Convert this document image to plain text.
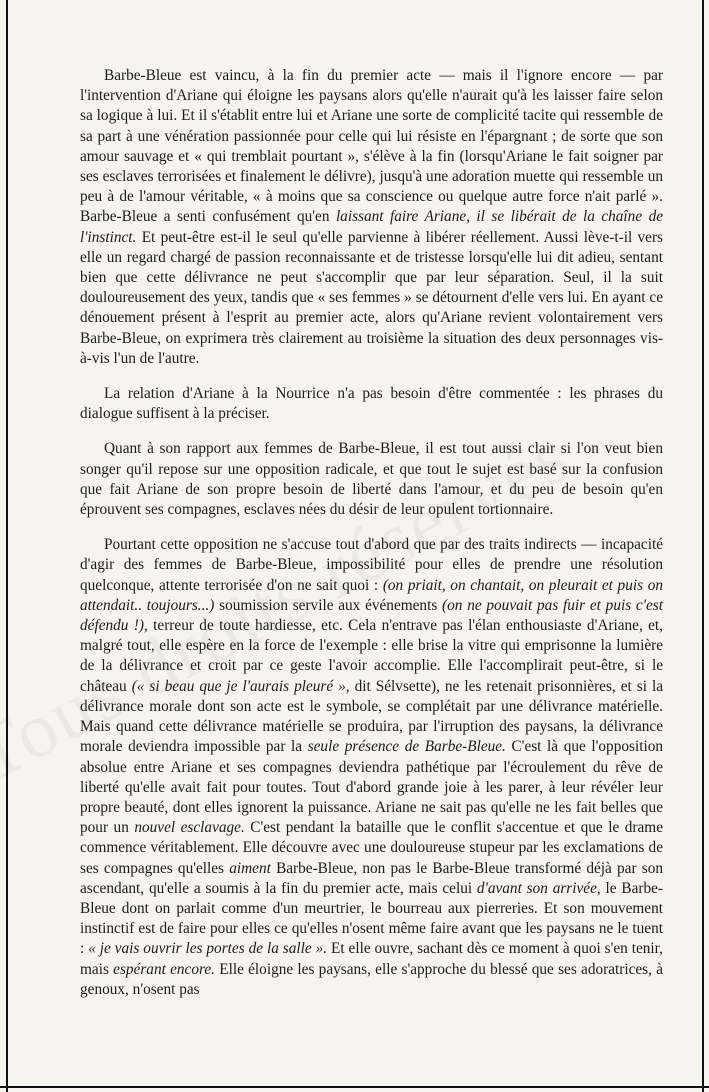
Barbe-Bleue est vaincu, à la fin du premier acte — mais il l'ignore encore — par l'intervention d'Ariane qui éloigne les paysans alors qu'elle n'aurait qu'à les laisser faire selon sa logique à lui. Et il s'établit entre lui et Ariane une sorte de complicité tacite qui ressemble de sa part à une vénération passionnée pour celle qui lui résiste en l'épargnant ; de sorte que son amour sauvage et « qui tremblait pourtant », s'élève à la fin (lorsqu'Ariane le fait soigner par ses esclaves terrorisées et finalement le délivre), jusqu'à une adoration muette qui ressemble un peu à de l'amour véritable, « à moins que sa conscience ou quelque autre force n'ait parlé ». Barbe-Bleue a senti confusément qu'en laissant faire Ariane, il se libérait de la chaîne de l'instinct. Et peut-être est-il le seul qu'elle parvienne à libérer réellement. Aussi lève-t-il vers elle un regard chargé de passion reconnaissante et de tristesse lorsqu'elle lui dit adieu, sentant bien que cette délivrance ne peut s'accomplir que par leur séparation. Seul, il la suit douloureusement des yeux, tandis que « ses femmes » se détournent d'elle vers lui. En ayant ce dénouement présent à l'esprit au premier acte, alors qu'Ariane revient volontairement vers Barbe-Bleue, on exprimera très clairement au troisième la situation des deux personnages vis-à-vis l'un de l'autre.

La relation d'Ariane à la Nourrice n'a pas besoin d'être commentée : les phrases du dialogue suffisent à la préciser.

Quant à son rapport aux femmes de Barbe-Bleue, il est tout aussi clair si l'on veut bien songer qu'il repose sur une opposition radicale, et que tout le sujet est basé sur la confusion que fait Ariane de son propre besoin de liberté dans l'amour, et du peu de besoin qu'en éprouvent ses compagnes, esclaves nées du désir de leur opulent tortionnaire.

Pourtant cette opposition ne s'accuse tout d'abord que par des traits indirects — incapacité d'agir des femmes de Barbe-Bleue, impossibilité pour elles de prendre une résolution quelconque, attente terrorisée d'on ne sait quoi : (on priait, on chantait, on pleurait et puis on attendait.. toujours...) soumission servile aux événements (on ne pouvait pas fuir et puis c'est défendu !), terreur de toute hardiesse, etc. Cela n'entrave pas l'élan enthousiaste d'Ariane, et, malgré tout, elle espère en la force de l'exemple : elle brise la vitre qui emprisonne la lumière de la délivrance et croit par ce geste l'avoir accomplie. Elle l'accomplirait peut-être, si le château (« si beau que je l'aurais pleuré », dit Sélvsette), ne les retenait prisonnières, et si la délivrance morale dont son acte est le symbole, se complétait par une délivrance matérielle. Mais quand cette délivrance matérielle se produira, par l'irruption des paysans, la délivrance morale deviendra impossible par la seule présence de Barbe-Bleue. C'est là que l'opposition absolue entre Ariane et ses compagnes deviendra pathétique par l'écroulement du rêve de liberté qu'elle avait fait pour toutes. Tout d'abord grande joie à les parer, à leur révéler leur propre beauté, dont elles ignorent la puissance. Ariane ne sait pas qu'elle ne les fait belles que pour un nouvel esclavage. C'est pendant la bataille que le conflit s'accentue et que le drame commence véritablement. Elle découvre avec une douloureuse stupeur par les exclamations de ses compagnes qu'elles aiment Barbe-Bleue, non pas le Barbe-Bleue transformé déjà par son ascendant, qu'elle a soumis à la fin du premier acte, mais celui d'avant son arrivée, le Barbe-Bleue dont on parlait comme d'un meurtrier, le bourreau aux pierreries. Et son mouvement instinctif est de faire pour elles ce qu'elles n'osent même faire avant que les paysans ne le tuent : « je vais ouvrir les portes de la salle ». Et elle ouvre, sachant dès ce moment à quoi s'en tenir, mais espérant encore. Elle éloigne les paysans, elle s'approche du blessé que ses adoratrices, à genoux, n'osent pas
